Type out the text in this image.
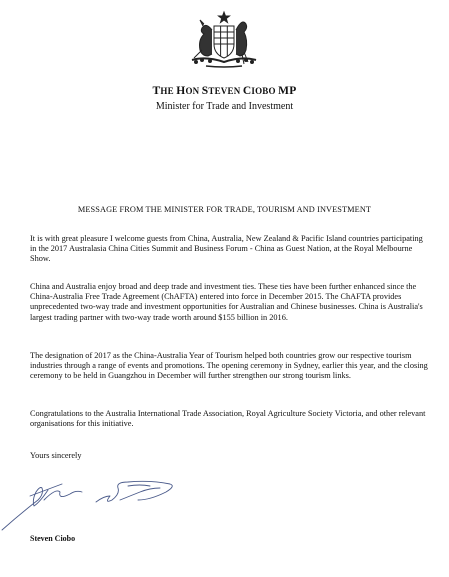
THE HON STEVEN CIOBO MP
Minister for Trade and Investment
MESSAGE FROM THE MINISTER FOR TRADE, TOURISM AND INVESTMENT

It is with great pleasure I welcome guests from China, Australia, New Zealand & Pacific Island countries participating in the 2017 Australasia China Cities Summit and Business Forum - China as Guest Nation, at the Royal Melbourne Show.

China and Australia enjoy broad and deep trade and investment ties. These ties have been further enhanced since the China-Australia Free Trade Agreement (ChAFTA) entered into force in December 2015. The ChAFTA provides unprecedented two-way trade and investment opportunities for Australian and Chinese businesses. China is Australia's largest trading partner with two-way trade worth around $155 billion in 2016.

The designation of 2017 as the China-Australia Year of Tourism helped both countries grow our respective tourism industries through a range of events and promotions. The opening ceremony in Sydney, earlier this year, and the closing ceremony to be held in Guangzhou in December will further strengthen our strong tourism links.

Congratulations to the Australia International Trade Association, Royal Agriculture Society Victoria, and other relevant organisations for this initiative.

Yours sincerely
Steven Ciobo
